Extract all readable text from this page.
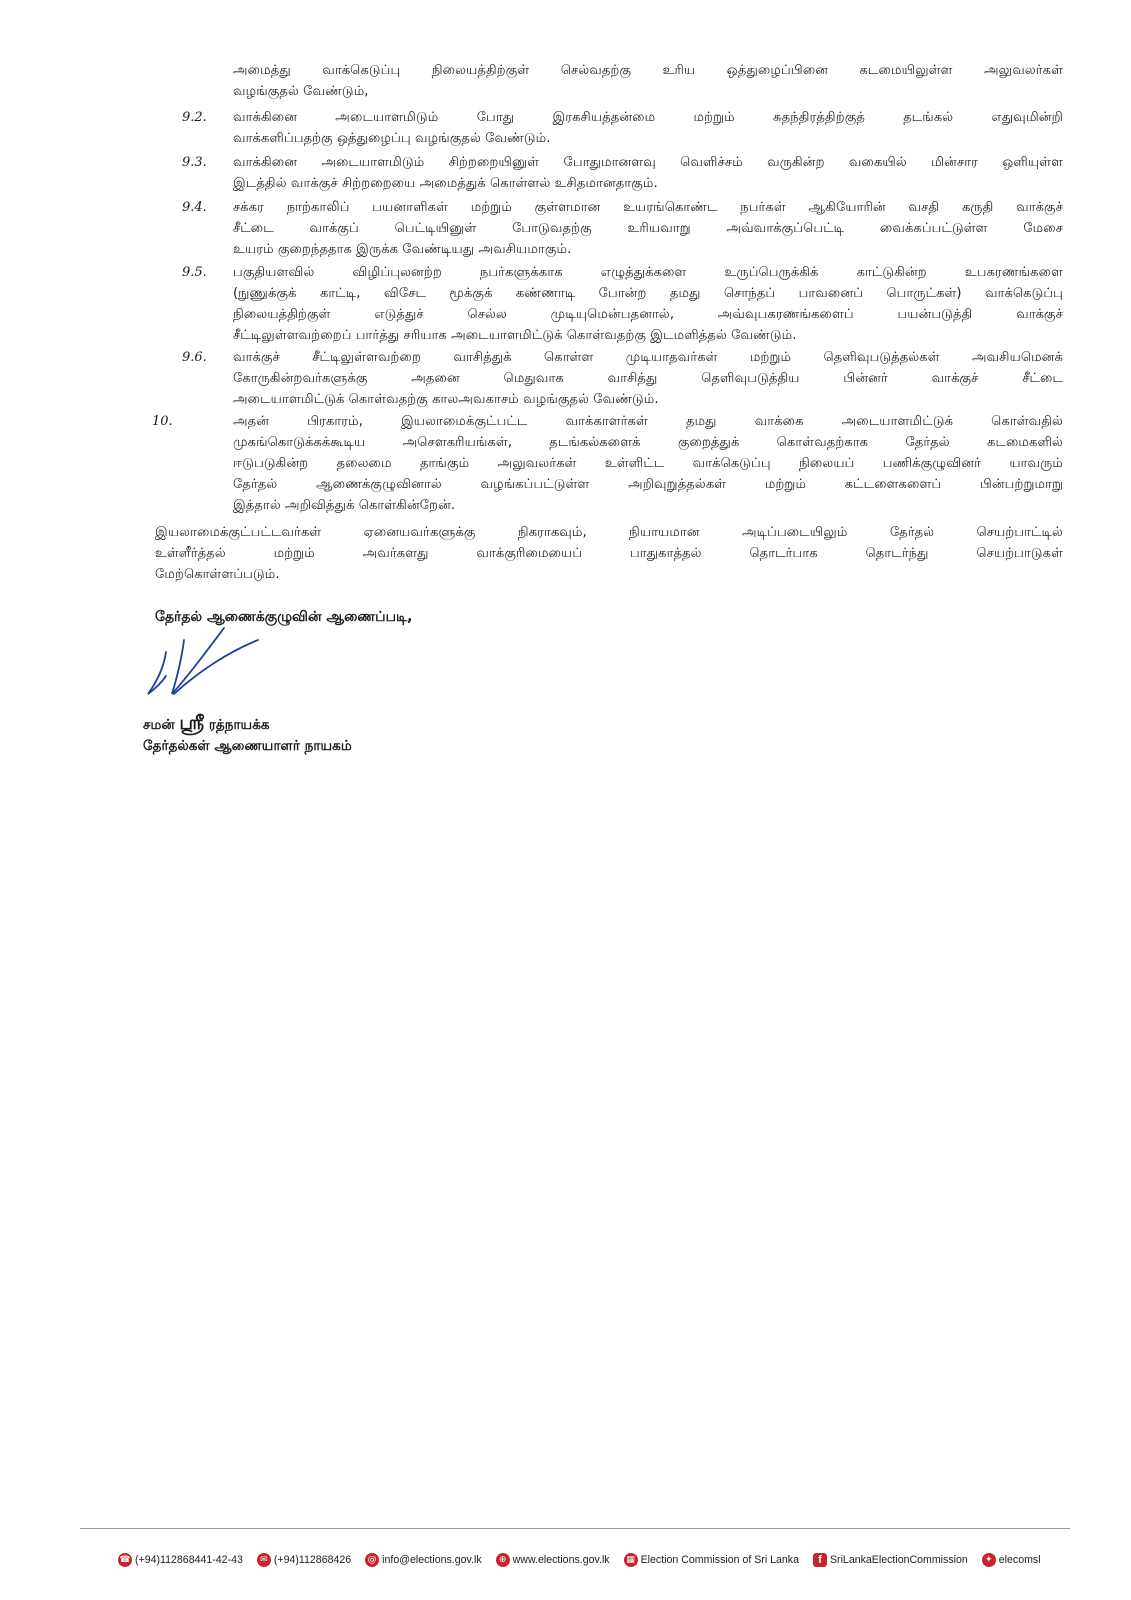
அமைத்து வாக்கெடுப்பு நிலையத்திற்குள் செல்வதற்கு உரிய ஒத்துழைப்பினை கடமையிலுள்ள அலுவலர்கள்
வழங்குதல் வேண்டும்,
9.2. வாக்கினை அடையாளமிடும் போது இரகசியத்தன்மை மற்றும் சுதந்திரத்திற்குத் தடங்கல் எதுவுமின்றி
வாக்களிப்பதற்கு ஒத்துழைப்பு வழங்குதல் வேண்டும்.
9.3. வாக்கினை அடையாளமிடும் சிற்றறையினுள் போதுமானளவு வெளிச்சம் வருகின்ற வகையில் மின்சார ஒளியுள்ள
இடத்தில் வாக்குச் சிற்றறையை அமைத்துக் கொள்ளல் உசிதமானதாகும்.
9.4. சக்கர நாற்காலிப் பயனாளிகள் மற்றும் குள்ளமான உயரங்கொண்ட நபர்கள் ஆகியோரின் வசதி கருதி வாக்குச்
சீட்டை வாக்குப் பெட்டியினுள் போடுவதற்கு உரியவாறு அவ்வாக்குப்பெட்டி வைக்கப்பட்டுள்ள மேசை
உயரம் குறைந்ததாக இருக்க வேண்டியது அவசியமாகும்.
9.5. பகுதியளவில் விழிப்புலனற்ற நபர்களுக்காக எழுத்துக்களை உருப்பெருக்கிக் காட்டுகின்ற உபகரணங்களை
(நுணுக்குக் காட்டி, விசேட மூக்குக் கண்ணாடி போன்ற தமது சொந்தப் பாவனைப் பொருட்கள்) வாக்கெடுப்பு
நிலையத்திற்குள் எடுத்துச் செல்ல முடியுமென்பதனால், அவ்வுபகரணங்களைப் பயன்படுத்தி வாக்குச்
சீட்டிலுள்ளவற்றைப் பார்த்து சரியாக அடையாளமிட்டுக் கொள்வதற்கு இடமளித்தல் வேண்டும்.
9.6. வாக்குச் சீட்டிலுள்ளவற்றை வாசித்துக் கொள்ள முடியாதவர்கள் மற்றும் தெளிவுபடுத்தல்கள் அவசியமெனக்
கோருகின்றவர்களுக்கு அதனை மெதுவாக வாசித்து தெளிவுபடுத்திய பின்னர் வாக்குச் சீட்டை
அடையாளமிட்டுக் கொள்வதற்கு காலஅவகாசம் வழங்குதல் வேண்டும்.
10.	அதன் பிரகாரம், இயலாமைக்குட்பட்ட வாக்காளர்கள் தமது வாக்கை அடையாளமிட்டுக் கொள்வதில்
முகங்கொடுக்கக்கூடிய அசௌகரியங்கள், தடங்கல்களைக் குறைத்துக் கொள்வதற்காக தேர்தல் கடமைகளில்
ஈடுபடுகின்ற தலைமை தாங்கும் அலுவலர்கள் உள்ளிட்ட வாக்கெடுப்பு நிலையப் பணிக்குழுவினர் யாவரும்
தேர்தல் ஆணைக்குழுவினால் வழங்கப்பட்டுள்ள அறிவுறுத்தல்கள் மற்றும் கட்டளைகளைப் பின்பற்றுமாறு
இத்தால் அறிவித்துக் கொள்கின்றேன்.
இயலாமைக்குட்பட்டவர்கள் ஏனையவர்களுக்கு நிகராகவும், நியாயமான அடிப்படையிலும் தேர்தல் செயற்பாட்டில்
உள்ளீர்த்தல் மற்றும் அவர்களது வாக்குரிமையைப் பாதுகாத்தல் தொடர்பாக தொடர்ந்து செயற்பாடுகள்
மேற்கொள்ளப்படும்.
தேர்தல் ஆணைக்குழுவின் ஆணைப்படி,
சமன் ஸ்ரீ ரத்நாயக்க
தேர்தல்கள் ஆணையாளர் நாயகம்
☎ (+94)112868441-42-43	✉ (+94)112868426 @ info@elections.gov.lk	⊕ www.elections.gov.lk	▦ Election Commission of Sri Lanka	f SriLankaElectionCommission	✦ elecomsl
